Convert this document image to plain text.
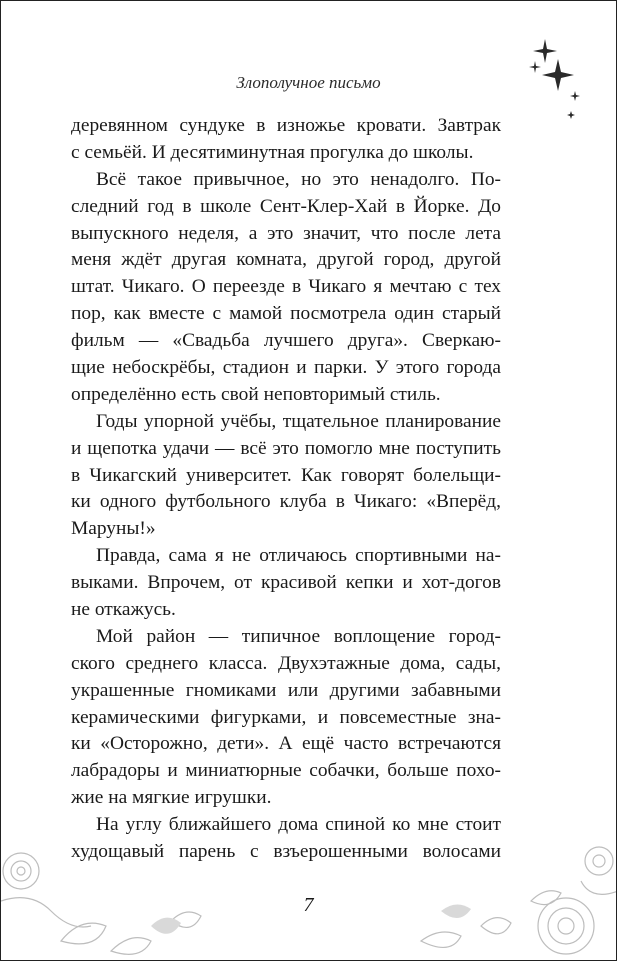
Злополучное письмо
деревянном сундуке в изножье кровати. Завтрак
с семьёй. И десятиминутная прогулка до школы.
Всё такое привычное, но это ненадолго. По-
следний год в школе Сент-Клер-Хай в Йорке. До
выпускного неделя, а это значит, что после лета
меня ждёт другая комната, другой город, другой
штат. Чикаго. О переезде в Чикаго я мечтаю с тех
пор, как вместе с мамой посмотрела один старый
фильм — «Свадьба лучшего друга». Сверкаю-
щие небоскрёбы, стадион и парки. У этого города
определённо есть свой неповторимый стиль.
Годы упорной учёбы, тщательное планирование
и щепотка удачи — всё это помогло мне поступить
в Чикагский университет. Как говорят болельщи-
ки одного футбольного клуба в Чикаго: «Вперёд,
Маруны!»
Правда, сама я не отличаюсь спортивными на-
выками. Впрочем, от красивой кепки и хот-догов
не откажусь.
Мой район — типичное воплощение город-
ского среднего класса. Двухэтажные дома, сады,
украшенные гномиками или другими забавными
керамическими фигурками, и повсеместные зна-
ки «Осторожно, дети». А ещё часто встречаются
лабрадоры и миниатюрные собачки, больше похо-
жие на мягкие игрушки.
На углу ближайшего дома спиной ко мне стоит
худощавый парень с взъерошенными волосами
7
